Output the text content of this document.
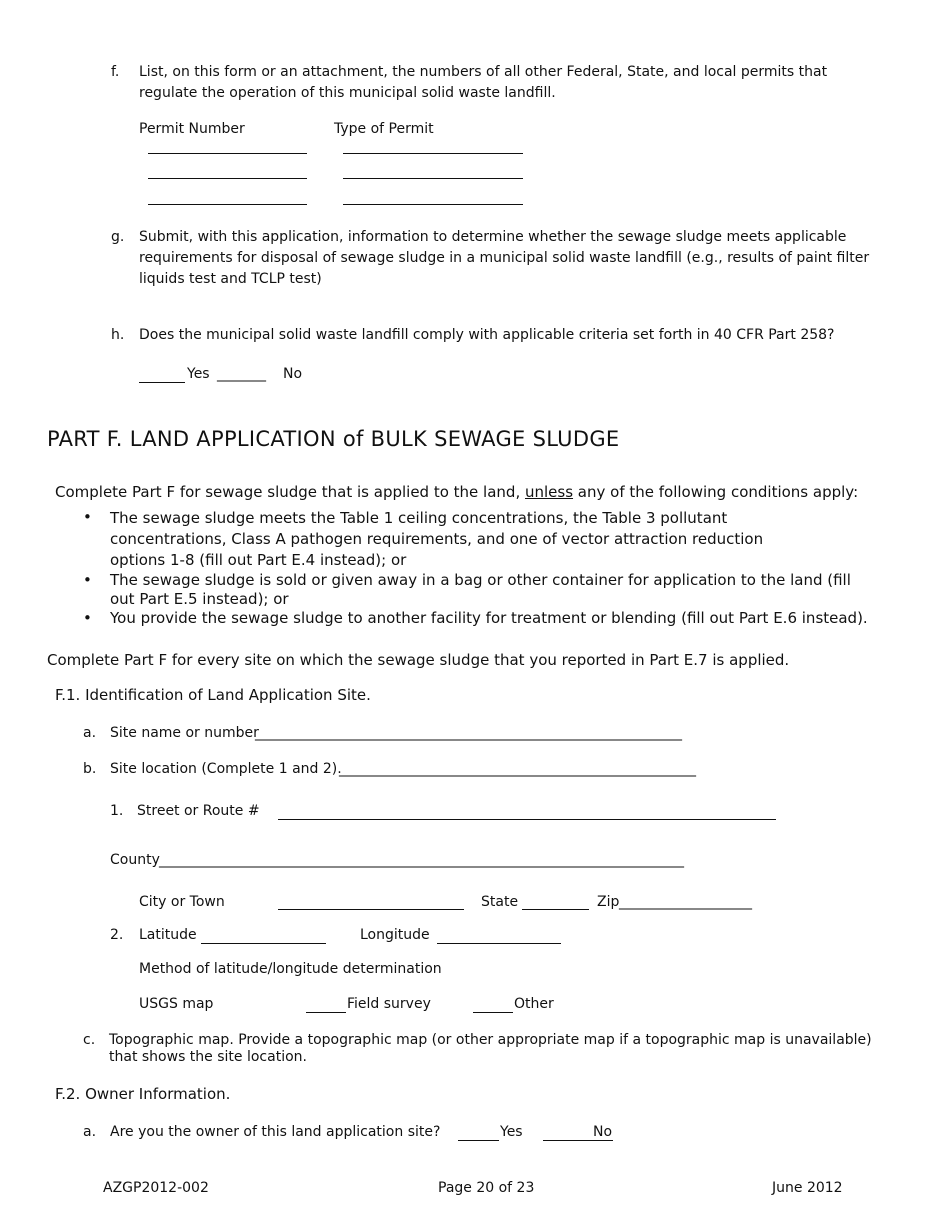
f. List, on this form or an attachment, the numbers of all other Federal, State, and local permits that
regulate the operation of this municipal solid waste landfill.
Permit Number	Type of Permit
g. Submit, with this application, information to determine whether the sewage sludge meets applicable
requirements for disposal of sewage sludge in a municipal solid waste landfill (e.g., results of paint filter
liquids test and TCLP test)
h. Does the municipal solid waste landfill comply with applicable criteria set forth in 40 CFR Part 258?
Yes _______ No
PART F. LAND APPLICATION of BULK SEWAGE SLUDGE
Complete Part F for sewage sludge that is applied to the land, unless any of the following conditions apply:
• The sewage sludge meets the Table 1 ceiling concentrations, the Table 3 pollutant concentrations, Class A pathogen requirements, and one of vector attraction reduction options 1-8 (fill out Part E.4 instead); or
• The sewage sludge is sold or given away in a bag or other container for application to the land (fill out Part E.5 instead); or
• You provide the sewage sludge to another facility for treatment or blending (fill out Part E.6 instead).
Complete Part F for every site on which the sewage sludge that you reported in Part E.7 is applied.
F.1. Identification of Land Application Site.
a. Site name or number
_____________________________________________________________
b. Site location (Complete 1 and 2).
___________________________________________________
1. Street or Route #
County ___________________________________________________________________________
City or Town	State	Zip ___________________
2. Latitude	Longitude
Method of latitude/longitude determination
USGS map	Field survey	Other
c. Topographic map. Provide a topographic map (or other appropriate map if a topographic map is unavailable) that shows the site location.
F.2. Owner Information.
a. Are you the owner of this land application site?	Yes	No
AZGP2012-002	Page 20 of 23	June 2012
